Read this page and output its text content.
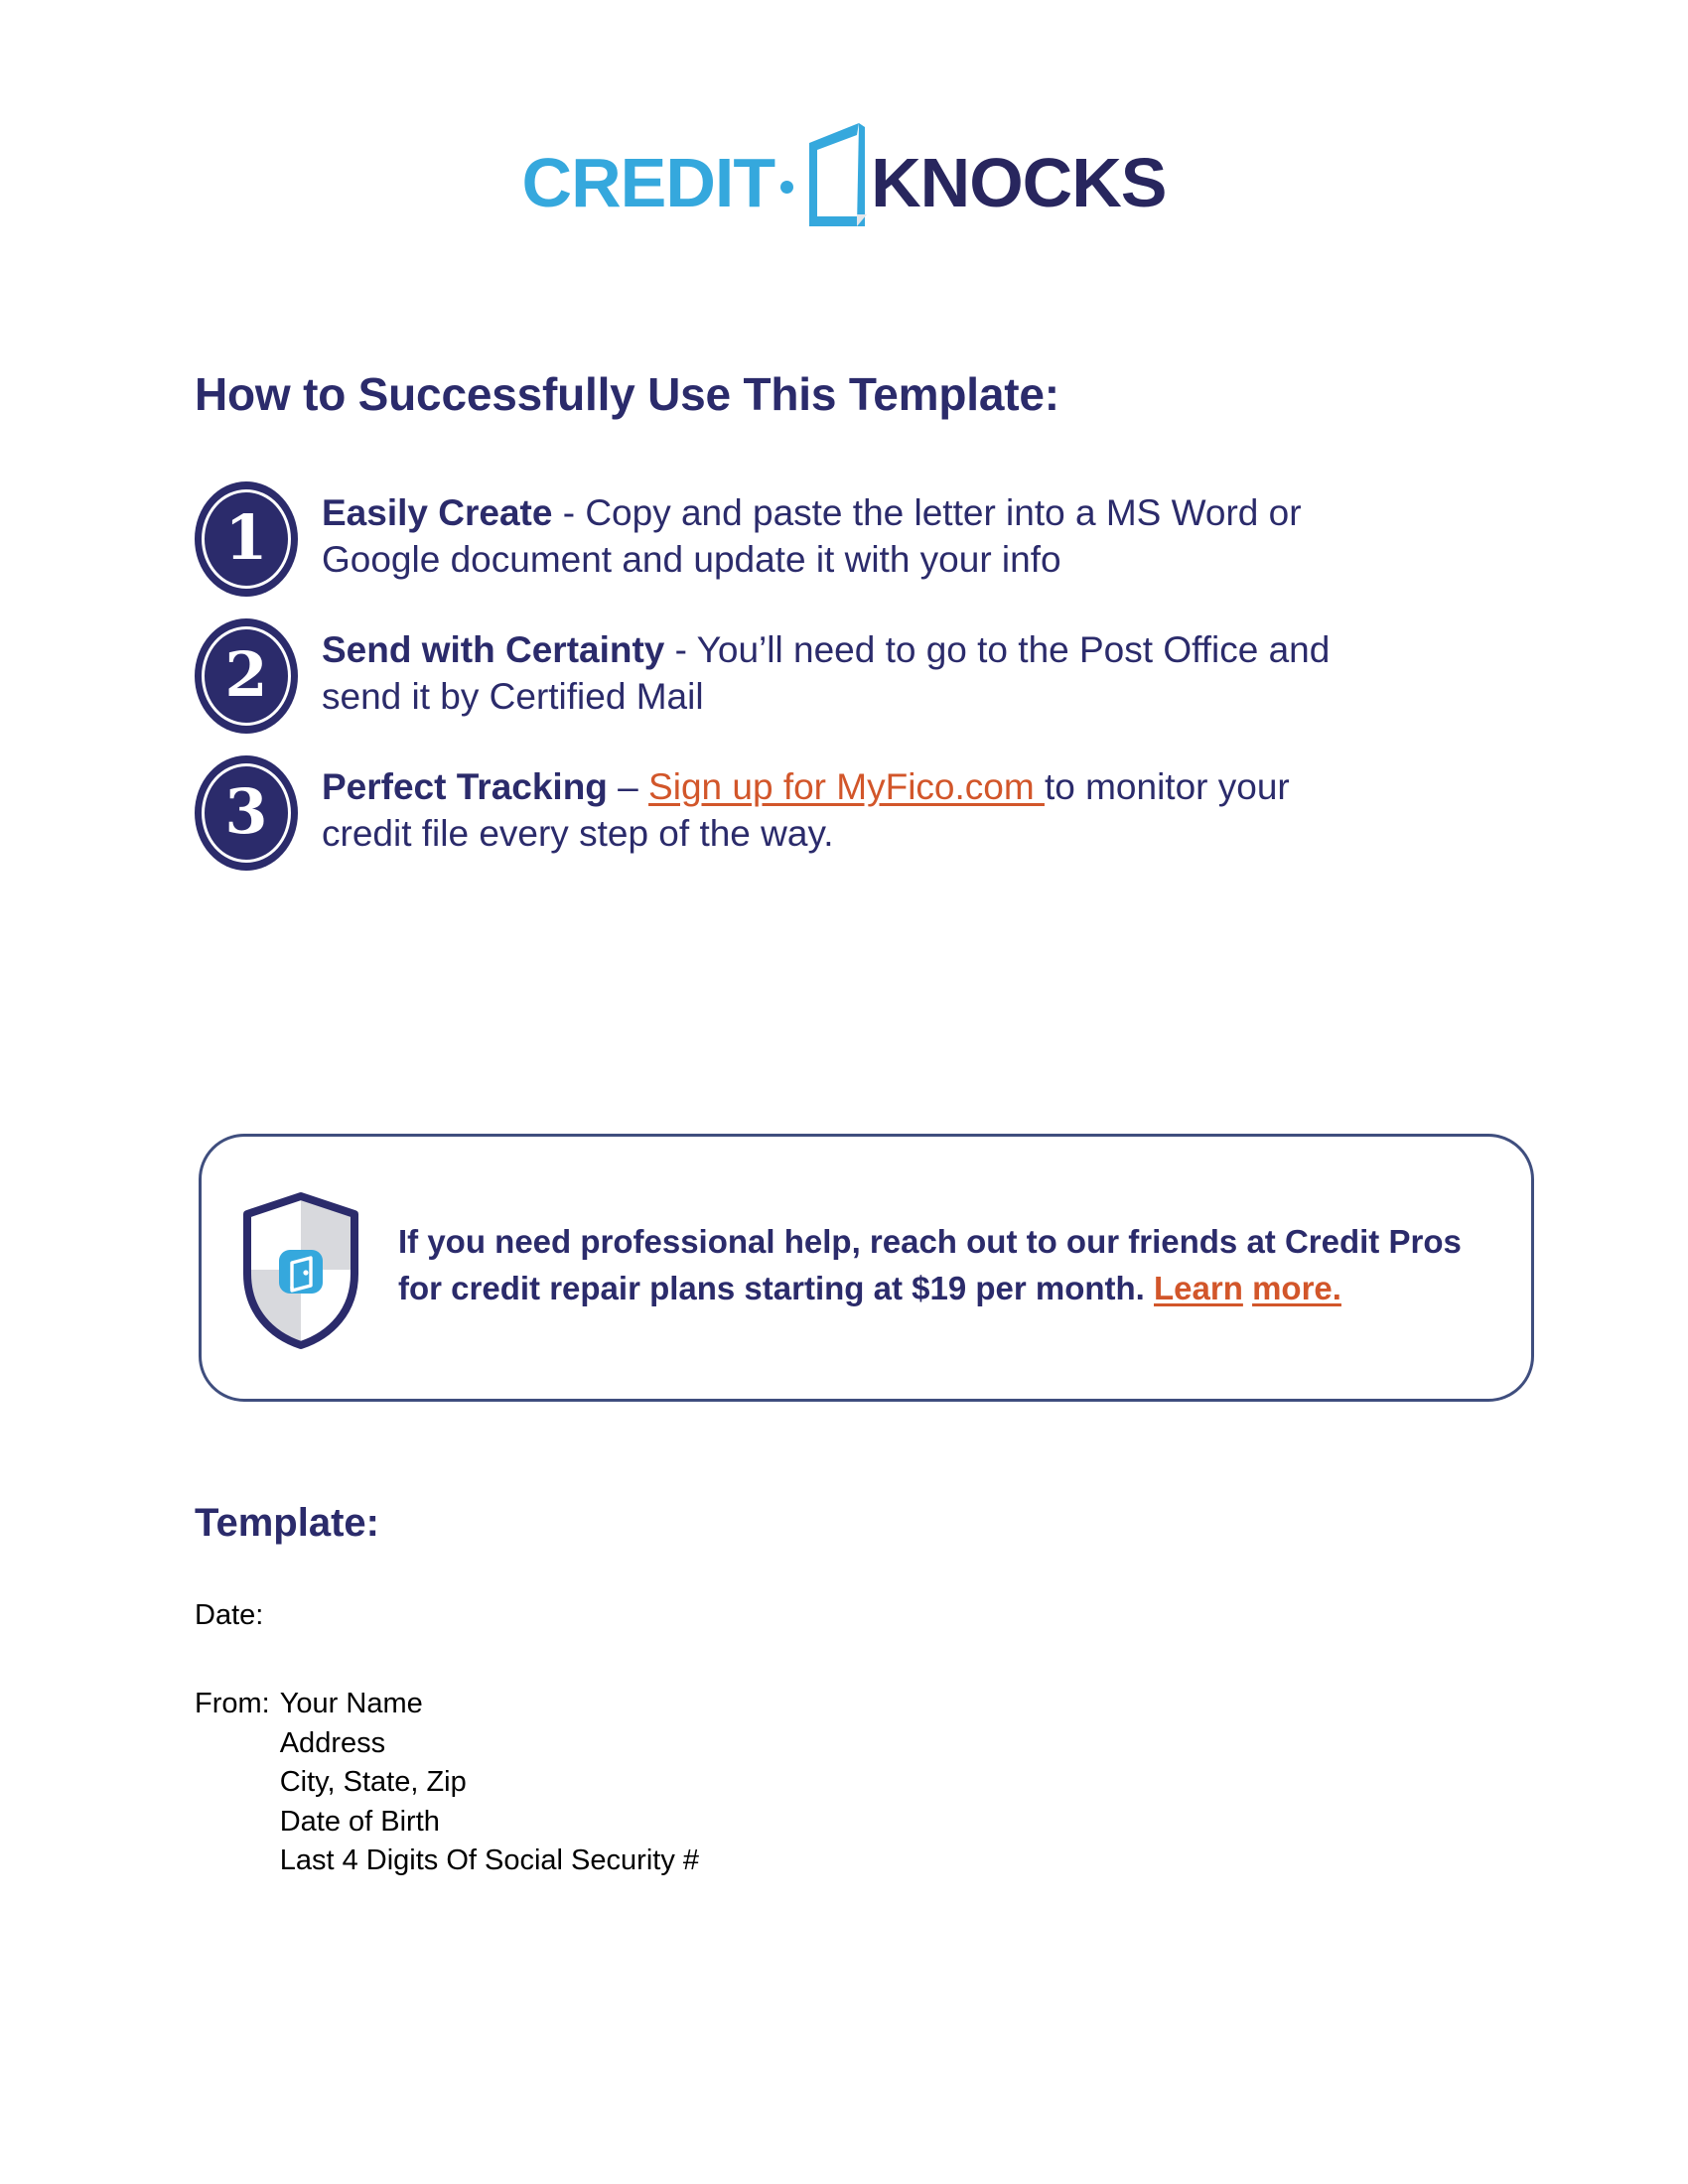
CREDIT KNOCKS
How to Successfully Use This Template:
1	Easily Create - Copy and paste the letter into a MS Word or Google document and update it with your info
2	Send with Certainty - You’ll need to go to the Post Office and send it by Certified Mail
3	Perfect Tracking – Sign up for MyFico.com to monitor your credit file every step of the way.
If you need professional help, reach out to our friends at Credit Pros for credit repair plans starting at $19 per month. Learn more.
Template:
Date:
From: Your Name
Address
City, State, Zip
Date of Birth
Last 4 Digits Of Social Security #
